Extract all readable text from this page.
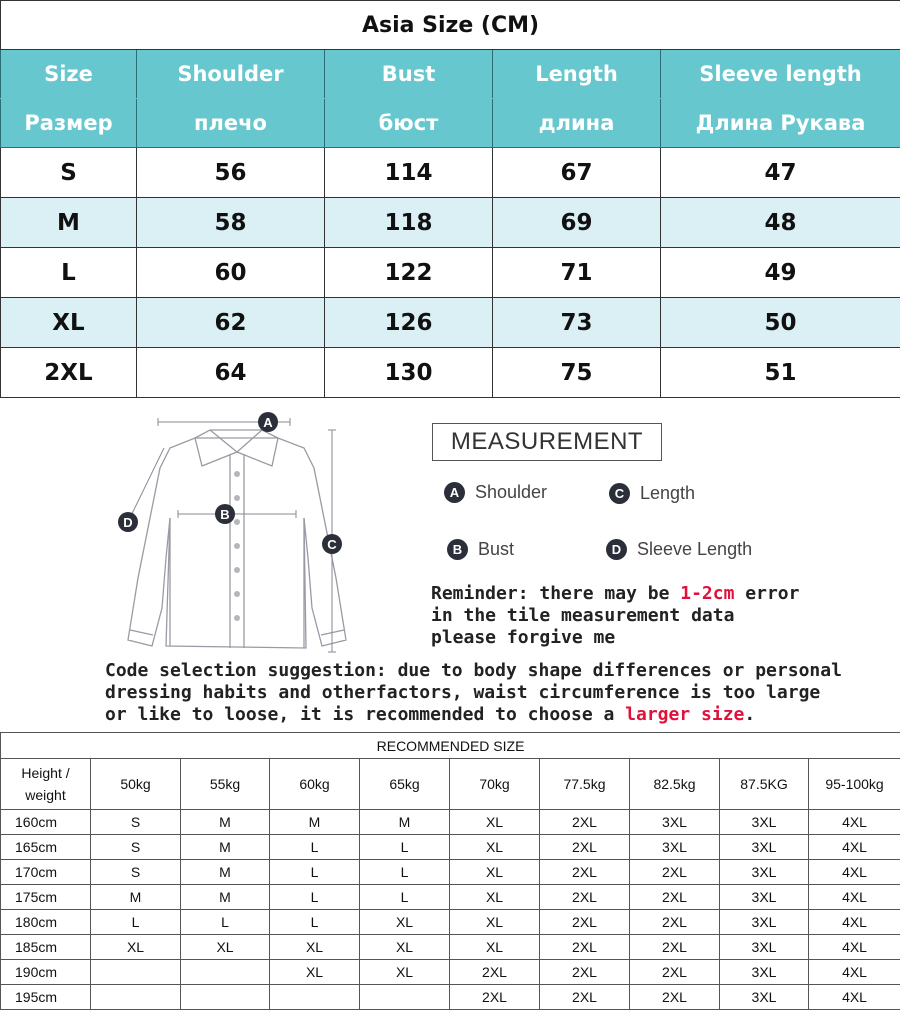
Asia Size (CM)				
Size	Shoulder	Bust	Length	Sleeve length
Размер	плечо	бюст	длина	Длина Рукава
S	56	114	67	47
M	58	118	69	48
L	60	122	71	49
XL	62	126	73	50
2XL	64	130	75	51
A
B
C
D
MEASUREMENT
A Shoulder	C Length
B Bust	D Sleeve Length
Reminder: there may be 1-2cm error
in the tile measurement data
please forgive me
Code selection suggestion: due to body shape differences or personal
dressing habits and otherfactors, waist circumference is too large
or like to loose, it is recommended to choose a larger size.
RECOMMENDED SIZE									

Height /
weight	50kg	55kg	60kg	65kg	70kg	77.5kg	82.5kg	87.5KG	95-100kg
160cm	S	M	M	M	XL	2XL	3XL	3XL	4XL
165cm	S	M	L	L	XL	2XL	3XL	3XL	4XL
170cm	S	M	L	L	XL	2XL	2XL	3XL	4XL
175cm	M	M	L	L	XL	2XL	2XL	3XL	4XL
180cm	L	L	L	XL	XL	2XL	2XL	3XL	4XL
185cm	XL	XL	XL	XL	XL	2XL	2XL	3XL	4XL
190cm			XL	XL	2XL	2XL	2XL	3XL	4XL
195cm					2XL	2XL	2XL	3XL	4XL
